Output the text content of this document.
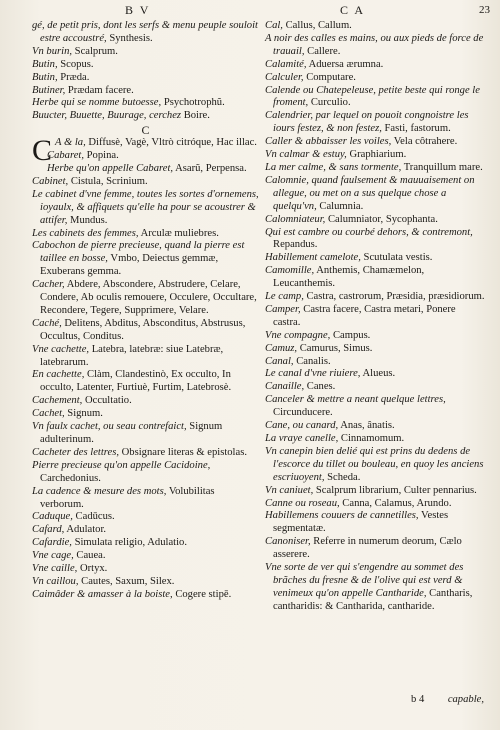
B V	C A	23

gé, de petit pris, dont les serfs & menu peuple souloit estre accoustré, Synthesis.

Vn burin, Scalprum.

Butin, Scopus.

Butin, Præda.

Butiner, Prædam facere.

Herbe qui se nomme butoesse, Psychotrophũ.

Buucter, Buuette, Buurage, cerchez Boire.

C

C A & la, Diffusè, Vagè, Vltrò citróque, Hac illac.

Cabaret, Popina.

Herbe qu'on appelle Cabaret, Asarũ, Perpensa.

Cabinet, Cistula, Scrinium.

Le cabinet d'vne femme, toutes les sortes d'ornemens, ioyaulx, & affiquets qu'elle ha pour se acoustrer & attifer, Mundus.

Les cabinets des femmes, Arculæ muliebres.

Cabochon de pierre precieuse, quand la pierre est taillee en bosse, Vmbo, Deiectus gemmæ, Exuberans gemma.

Cacher, Abdere, Abscondere, Abstrudere, Celare, Condere, Ab oculis remouere, Occulere, Occultare, Recondere, Tegere, Supprimere, Velare.

Caché, Delitens, Abditus, Absconditus, Abstrusus, Occultus, Conditus.

Vne cachette, Latebra, latebræ: siue Latebræ, latebrarum.

En cachette, Clàm, Clandestinò, Ex occulto, In occulto, Latenter, Furtiuè, Furtim, Latebrosè.

Cachement, Occultatio.

Cachet, Signum.

Vn faulx cachet, ou seau contrefaict, Signum adulterinum.

Cacheter des lettres, Obsignare literas & epistolas.

Pierre precieuse qu'on appelle Cacidoine, Carchedonius.

La cadence & mesure des mots, Volubilitas verborum.

Caduque, Cadūcus.

Cafard, Adulator.

Cafardie, Simulata religio, Adulatio.

Vne cage, Cauea.

Vne caille, Ortyx.

Vn caillou, Cautes, Saxum, Silex.

Caimâder & amasser à la boiste, Cogere stipē.

Cal, Callus, Callum.

A noir des calles es mains, ou aux pieds de force de trauail, Callere.

Calamité, Aduersa ærumna.

Calculer, Computare.

Calende ou Chatepeleuse, petite beste qui ronge le froment, Curculio.

Calendrier, par lequel on pouoit congnoistre les iours festez, & non festez, Fasti, fastorum.

Caller & abbaisser les voiles, Vela côtrahere.

Vn calmar & estuy, Graphiarium.

La mer calme, & sans tormente, Tranquillum mare.

Calomnie, quand faulsement & mauuaisement on allegue, ou met on a sus quelque chose a quelqu'vn, Calumnia.

Calomniateur, Calumniator, Sycophanta.

Qui est cambre ou courbé dehors, & contremont, Repandus.

Habillement camelote, Scutulata vestis.

Camomille, Anthemis, Chamæmelon, Leucanthemis.

Le camp, Castra, castrorum, Præsidia, præsidiorum.

Camper, Castra facere, Castra metari, Ponere castra.

Vne compagne, Campus.

Camuz, Camurus, Simus.

Canal, Canalis.

Le canal d'vne riuiere, Alueus.

Canaille, Canes.

Canceler & mettre a neant quelque lettres, Circunducere.

Cane, ou canard, Anas, ânatis.

La vraye canelle, Cinnamomum.

Vn canepin bien delié qui est prins du dedens de l'escorce du tillet ou bouleau, en quoy les anciens escriuoyent, Scheda.

Vn caniuet, Scalprum librarium, Culter pennarius.

Canne ou roseau, Canna, Calamus, Arundo.

Habillemens couuers de cannetilles, Vestes segmentatæ.

Canoniser, Referre in numerum deorum, Cælo asserere.

Vne sorte de ver qui s'engendre au sommet des brãches du fresne & de l'olive qui est verd & venimeux qu'on appelle Cantharide, Cantharis, cantharidis: & Cantharida, cantharide.

b 4 capable,
